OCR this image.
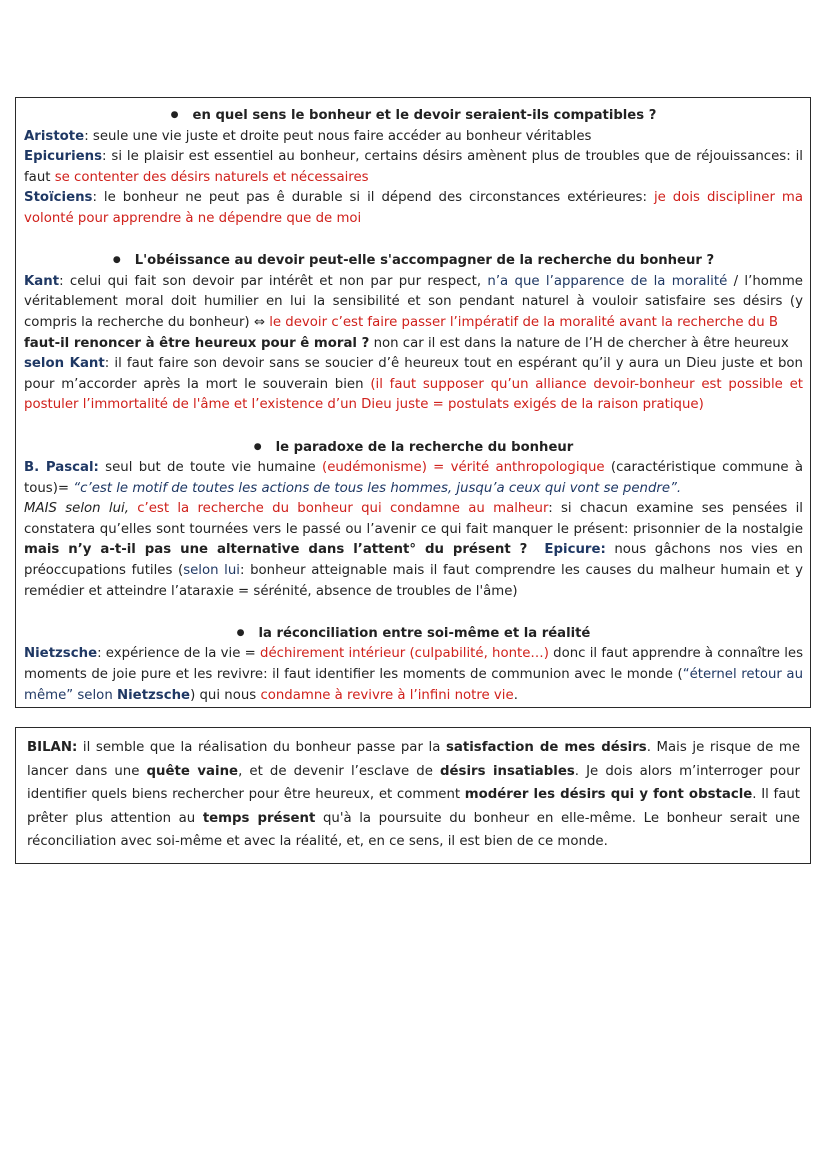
● en quel sens le bonheur et le devoir seraient-ils compatibles ?

Aristote: seule une vie juste et droite peut nous faire accéder au bonheur véritables

Epicuriens: si le plaisir est essentiel au bonheur, certains désirs amènent plus de troubles que de réjouissances: il faut se contenter des désirs naturels et nécessaires

Stoïciens: le bonheur ne peut pas ê durable si il dépend des circonstances extérieures: je dois discipliner ma volonté pour apprendre à ne dépendre que de moi

● L'obéissance au devoir peut-elle s'accompagner de la recherche du bonheur ?

Kant: celui qui fait son devoir par intérêt et non par pur respect, n’a que l’apparence de la moralité / l’homme véritablement moral doit humilier en lui la sensibilité et son pendant naturel à vouloir satisfaire ses désirs (y compris la recherche du bonheur) ⇔ le devoir c’est faire passer l’impératif de la moralité avant la recherche du B

faut-il renoncer à être heureux pour ê moral ? non car il est dans la nature de l’H de chercher à être heureux

selon Kant: il faut faire son devoir sans se soucier d’ê heureux tout en espérant qu’il y aura un Dieu juste et bon pour m’accorder après la mort le souverain bien (il faut supposer qu’un alliance devoir-bonheur est possible et postuler l’immortalité de l'âme et l’existence d’un Dieu juste = postulats exigés de la raison pratique)

● le paradoxe de la recherche du bonheur

B. Pascal: seul but de toute vie humaine (eudémonisme) = vérité anthropologique (caractéristique commune à tous)= “c’est le motif de toutes les actions de tous les hommes, jusqu’a ceux qui vont se pendre”.

MAIS selon lui, c’est la recherche du bonheur qui condamne au malheur: si chacun examine ses pensées il constatera qu’elles sont tournées vers le passé ou l’avenir ce qui fait manquer le présent: prisonnier de la nostalgie mais n’y a-t-il pas une alternative dans l’attent° du présent ? Epicure: nous gâchons nos vies en préoccupations futiles (selon lui: bonheur atteignable mais il faut comprendre les causes du malheur humain et y remédier et atteindre l’ataraxie = sérénité, absence de troubles de l'âme)

● la réconciliation entre soi-même et la réalité

Nietzsche: expérience de la vie = déchirement intérieur (culpabilité, honte…) donc il faut apprendre à connaître les moments de joie pure et les revivre: il faut identifier les moments de communion avec le monde (“éternel retour au même” selon Nietzsche) qui nous condamne à revivre à l’infini notre vie.

BILAN: il semble que la réalisation du bonheur passe par la satisfaction de mes désirs. Mais je risque de me lancer dans une quête vaine, et de devenir l’esclave de désirs insatiables. Je dois alors m’interroger pour identifier quels biens rechercher pour être heureux, et comment modérer les désirs qui y font obstacle. Il faut prêter plus attention au temps présent qu'à la poursuite du bonheur en elle-même. Le bonheur serait une réconciliation avec soi-même et avec la réalité, et, en ce sens, il est bien de ce monde.
